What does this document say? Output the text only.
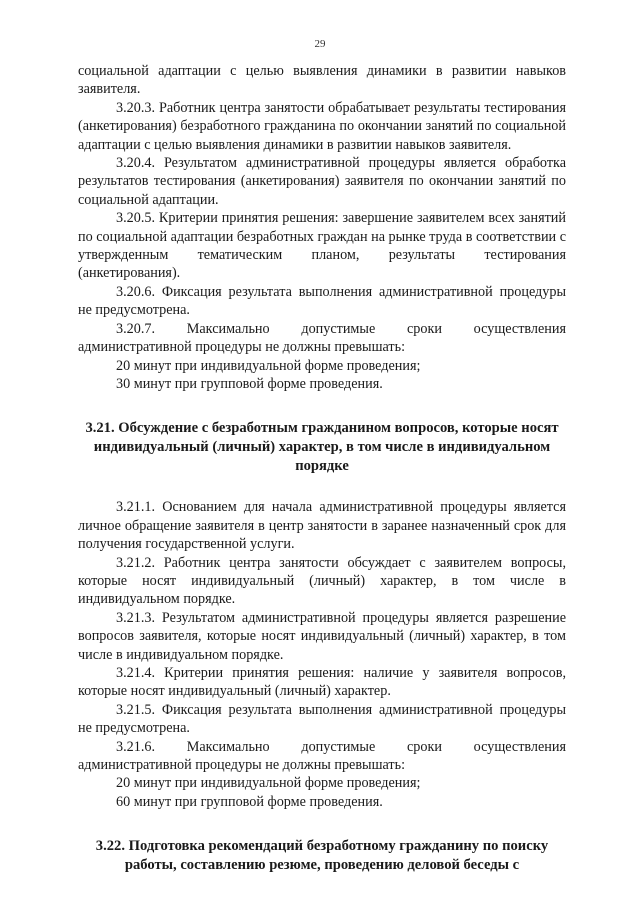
29

социальной адаптации с целью выявления динамики в развитии навыков заявителя.

3.20.3. Работник центра занятости обрабатывает результаты тестирования (анкетирования) безработного гражданина по окончании занятий по социальной адаптации с целью выявления динамики в развитии навыков заявителя.

3.20.4. Результатом административной процедуры является обработка результатов тестирования (анкетирования) заявителя по окончании занятий по социальной адаптации.

3.20.5. Критерии принятия решения: завершение заявителем всех занятий по социальной адаптации безработных граждан на рынке труда в соответствии с утвержденным тематическим планом, результаты тестирования (анкетирования).

3.20.6. Фиксация результата выполнения административной процедуры не предусмотрена.

3.20.7. Максимально допустимые сроки осуществления административной процедуры не должны превышать:

20 минут при индивидуальной форме проведения;

30 минут при групповой форме проведения.

3.21. Обсуждение с безработным гражданином вопросов, которые носят индивидуальный (личный) характер, в том числе в индивидуальном порядке

3.21.1. Основанием для начала административной процедуры является личное обращение заявителя в центр занятости в заранее назначенный срок для получения государственной услуги.

3.21.2. Работник центра занятости обсуждает с заявителем вопросы, которые носят индивидуальный (личный) характер, в том числе в индивидуальном порядке.

3.21.3. Результатом административной процедуры является разрешение вопросов заявителя, которые носят индивидуальный (личный) характер, в том числе в индивидуальном порядке.

3.21.4. Критерии принятия решения: наличие у заявителя вопросов, которые носят индивидуальный (личный) характер.

3.21.5. Фиксация результата выполнения административной процедуры не предусмотрена.

3.21.6. Максимально допустимые сроки осуществления административной процедуры не должны превышать:

20 минут при индивидуальной форме проведения;

60 минут при групповой форме проведения.

3.22. Подготовка рекомендаций безработному гражданину по поиску работы, составлению резюме, проведению деловой беседы с
